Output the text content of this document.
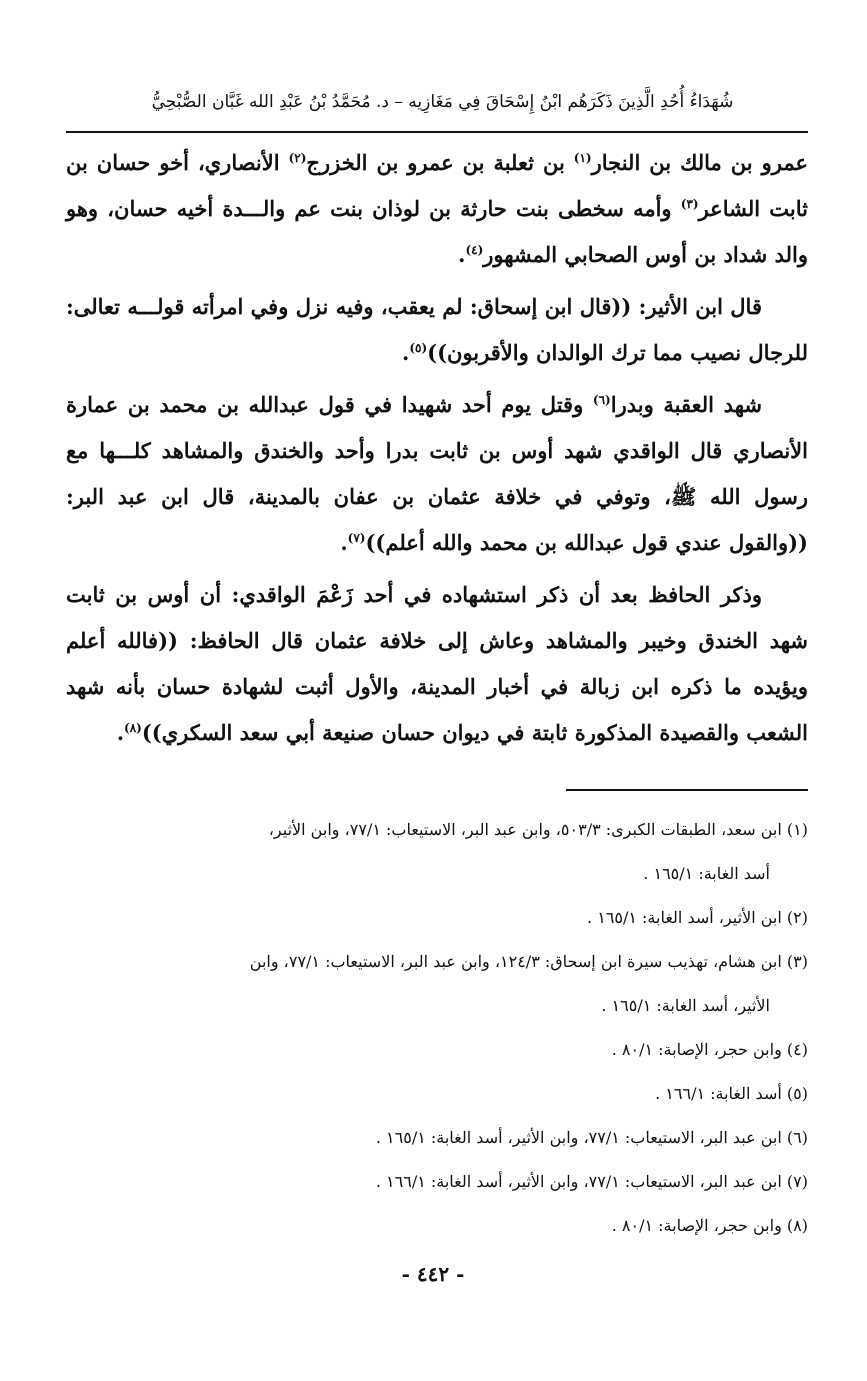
شُهَدَاءُ أُحُدِ الَّذِينَ ذَكَرَهُم ابْنُ إِسْحَاقَ فِي مَغَازِيه – د. مُحَمَّدُ بْنُ عَبْدِ الله غَبَّان الصُّبْحِيُّ

عمرو بن مالك بن النجار$^{(١)}$ بن ثعلبة بن عمرو بن الخزرج$^{(٢)}$ الأنصاري، أخو حسان بن ثابت الشاعر$^{(٣)}$ وأمه سخطى بنت حارثة بن لوذان بنت عم والـــدة أخيه حسان، وهو والد شداد بن أوس الصحابي المشهور$^{(٤)}$.

قال ابن الأثير: ((قال ابن إسحاق: لم يعقب، وفيه نزل وفي امرأته قولـــه تعالى: للرجال نصيب مما ترك الوالدان والأقربون))$^{(٥)}$.

شهد العقبة وبدرا$^{(٦)}$ وقتل يوم أحد شهيدا في قول عبدالله بن محمد بن عمارة الأنصاري قال الواقدي شهد أوس بن ثابت بدرا وأحد والخندق والمشاهد كلـــها مع رسول الله ﷺ، وتوفي في خلافة عثمان بن عفان بالمدينة، قال ابن عبد البر: ((والقول عندي قول عبدالله بن محمد والله أعلم))$^{(٧)}$.

وذكر الحافظ بعد أن ذكر استشهاده في أحد زَعْمَ الواقدي: أن أوس بن ثابت شهد الخندق وخيبر والمشاهد وعاش إلى خلافة عثمان قال الحافظ: ((فالله أعلم ويؤيده ما ذكره ابن زبالة في أخبار المدينة، والأول أثبت لشهادة حسان بأنه شهد الشعب والقصيدة المذكورة ثابتة في ديوان حسان صنيعة أبي سعد السكري))$^{(٨)}$.

(١) ابن سعد، الطبقات الكبرى: ٥٠٣/٣، وابن عبد البر، الاستيعاب: ٧٧/١، وابن الأثير،
أسد الغابة: ١٦٥/١ .

(٢) ابن الأثير، أسد الغابة: ١٦٥/١ .

(٣) ابن هشام، تهذيب سيرة ابن إسحاق: ١٢٤/٣، وابن عبد البر، الاستيعاب: ٧٧/١، وابن
الأثير، أسد الغابة: ١٦٥/١ .

(٤) وابن حجر، الإصابة: ٨٠/١ .

(٥) أسد الغابة: ١٦٦/١ .

(٦) ابن عبد البر، الاستيعاب: ٧٧/١، وابن الأثير، أسد الغابة: ١٦٥/١ .

(٧) ابن عبد البر، الاستيعاب: ٧٧/١، وابن الأثير، أسد الغابة: ١٦٦/١ .

(٨) وابن حجر، الإصابة: ٨٠/١ .

- ٤٤٢ -
